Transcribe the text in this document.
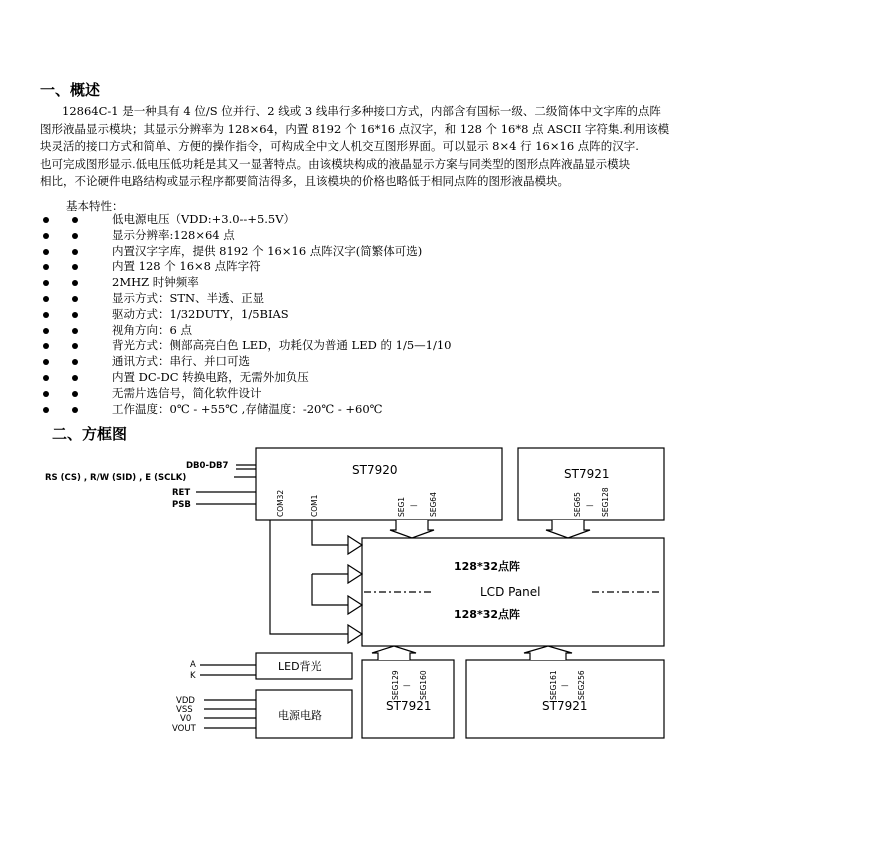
一、概述
12864C-1 是一种具有 4 位/S 位并行、2 线或 3 线串行多种接口方式，内部含有国标一级、二级简体中文字库的点阵
图形液晶显示模块；其显示分辨率为 128×64，内置 8192 个 16*16 点汉字，和 128 个 16*8 点 ASCII 字符集.利用该模
块灵活的接口方式和简单、方便的操作指令，可构成全中文人机交互图形界面。可以显示 8×4 行 16×16 点阵的汉字.
也可完成图形显示.低电压低功耗是其又一显著特点。由该模块构成的液晶显示方案与同类型的图形点阵液晶显示模块
相比，不论硬件电路结构或显示程序都要简洁得多，且该模块的价格也略低于相同点阵的图形液晶模块。
基本特性：
低电源电压（VDD:+3.0--+5.5V）
显示分辨率:128×64 点
内置汉字字库，提供 8192 个 16×16 点阵汉字(简繁体可选)
内置 128 个 16×8 点阵字符
2MHZ 时钟频率
显示方式：STN、半透、正显
驱动方式：1/32DUTY，1/5BIAS
视角方向：6 点
背光方式：侧部高亮白色 LED，功耗仅为普通 LED 的 1/5—1/10
通讯方式：串行、并口可选
内置 DC-DC 转换电路，无需外加负压
无需片选信号，简化软件设计
工作温度：0℃ - +55℃ ,存储温度：-20℃ - +60℃
二、方框图
DB0-DB7
RS (CS) , R/W (SID) , E (SCLK)
RET
PSB
A
K
VDD
VSS
V0
VOUT
ST7920	ST7921
ST7921	ST7921
LCD Panel
LED背光
电源电路
128*32点阵
128*32点阵
COM32	COM1	SEG1 — SEG64	SEG65 — SEG128
SEG129 — SEG160	SEG161 — SEG256
